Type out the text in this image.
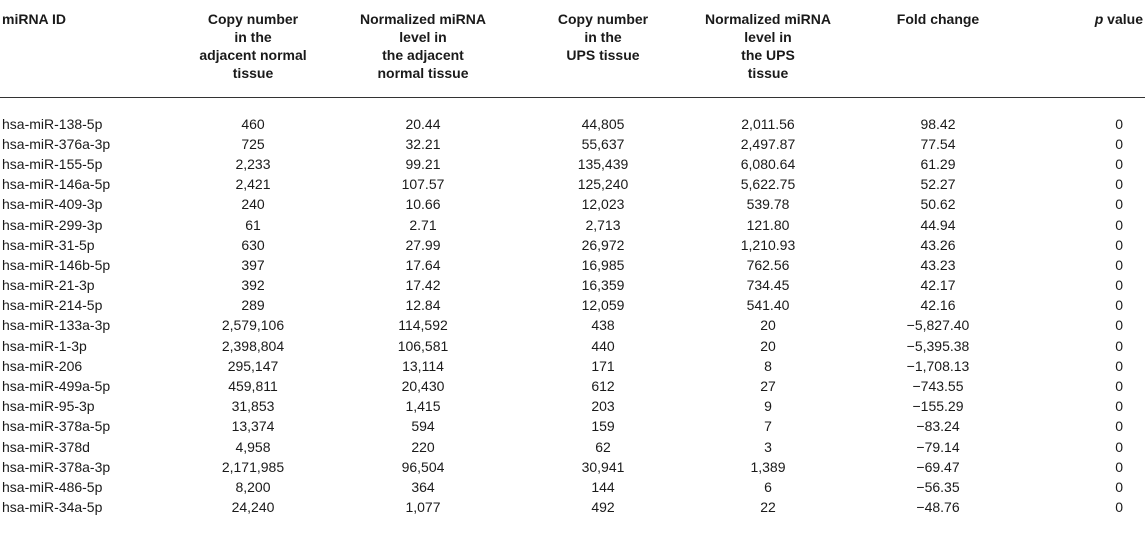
miRNA ID	Copy number
in the
adjacent normal
tissue	Normalized miRNA
level in
the adjacent
normal tissue	Copy number
in the
UPS tissue	Normalized miRNA
level in
the UPS
tissue	Fold change	p value

hsa-miR-138-5p	460	20.44	44,805	2,011.56	98.42	0
hsa-miR-376a-3p	725	32.21	55,637	2,497.87	77.54	0
hsa-miR-155-5p	2,233	99.21	135,439	6,080.64	61.29	0
hsa-miR-146a-5p	2,421	107.57	125,240	5,622.75	52.27	0
hsa-miR-409-3p	240	10.66	12,023	539.78	50.62	0
hsa-miR-299-3p	61	2.71	2,713	121.80	44.94	0
hsa-miR-31-5p	630	27.99	26,972	1,210.93	43.26	0
hsa-miR-146b-5p	397	17.64	16,985	762.56	43.23	0
hsa-miR-21-3p	392	17.42	16,359	734.45	42.17	0
hsa-miR-214-5p	289	12.84	12,059	541.40	42.16	0
hsa-miR-133a-3p	2,579,106	114,592	438	20	−5,827.40	0
hsa-miR-1-3p	2,398,804	106,581	440	20	−5,395.38	0
hsa-miR-206	295,147	13,114	171	8	−1,708.13	0
hsa-miR-499a-5p	459,811	20,430	612	27	−743.55	0
hsa-miR-95-3p	31,853	1,415	203	9	−155.29	0
hsa-miR-378a-5p	13,374	594	159	7	−83.24	0
hsa-miR-378d	4,958	220	62	3	−79.14	0
hsa-miR-378a-3p	2,171,985	96,504	30,941	1,389	−69.47	0
hsa-miR-486-5p	8,200	364	144	6	−56.35	0
hsa-miR-34a-5p	24,240	1,077	492	22	−48.76	0
